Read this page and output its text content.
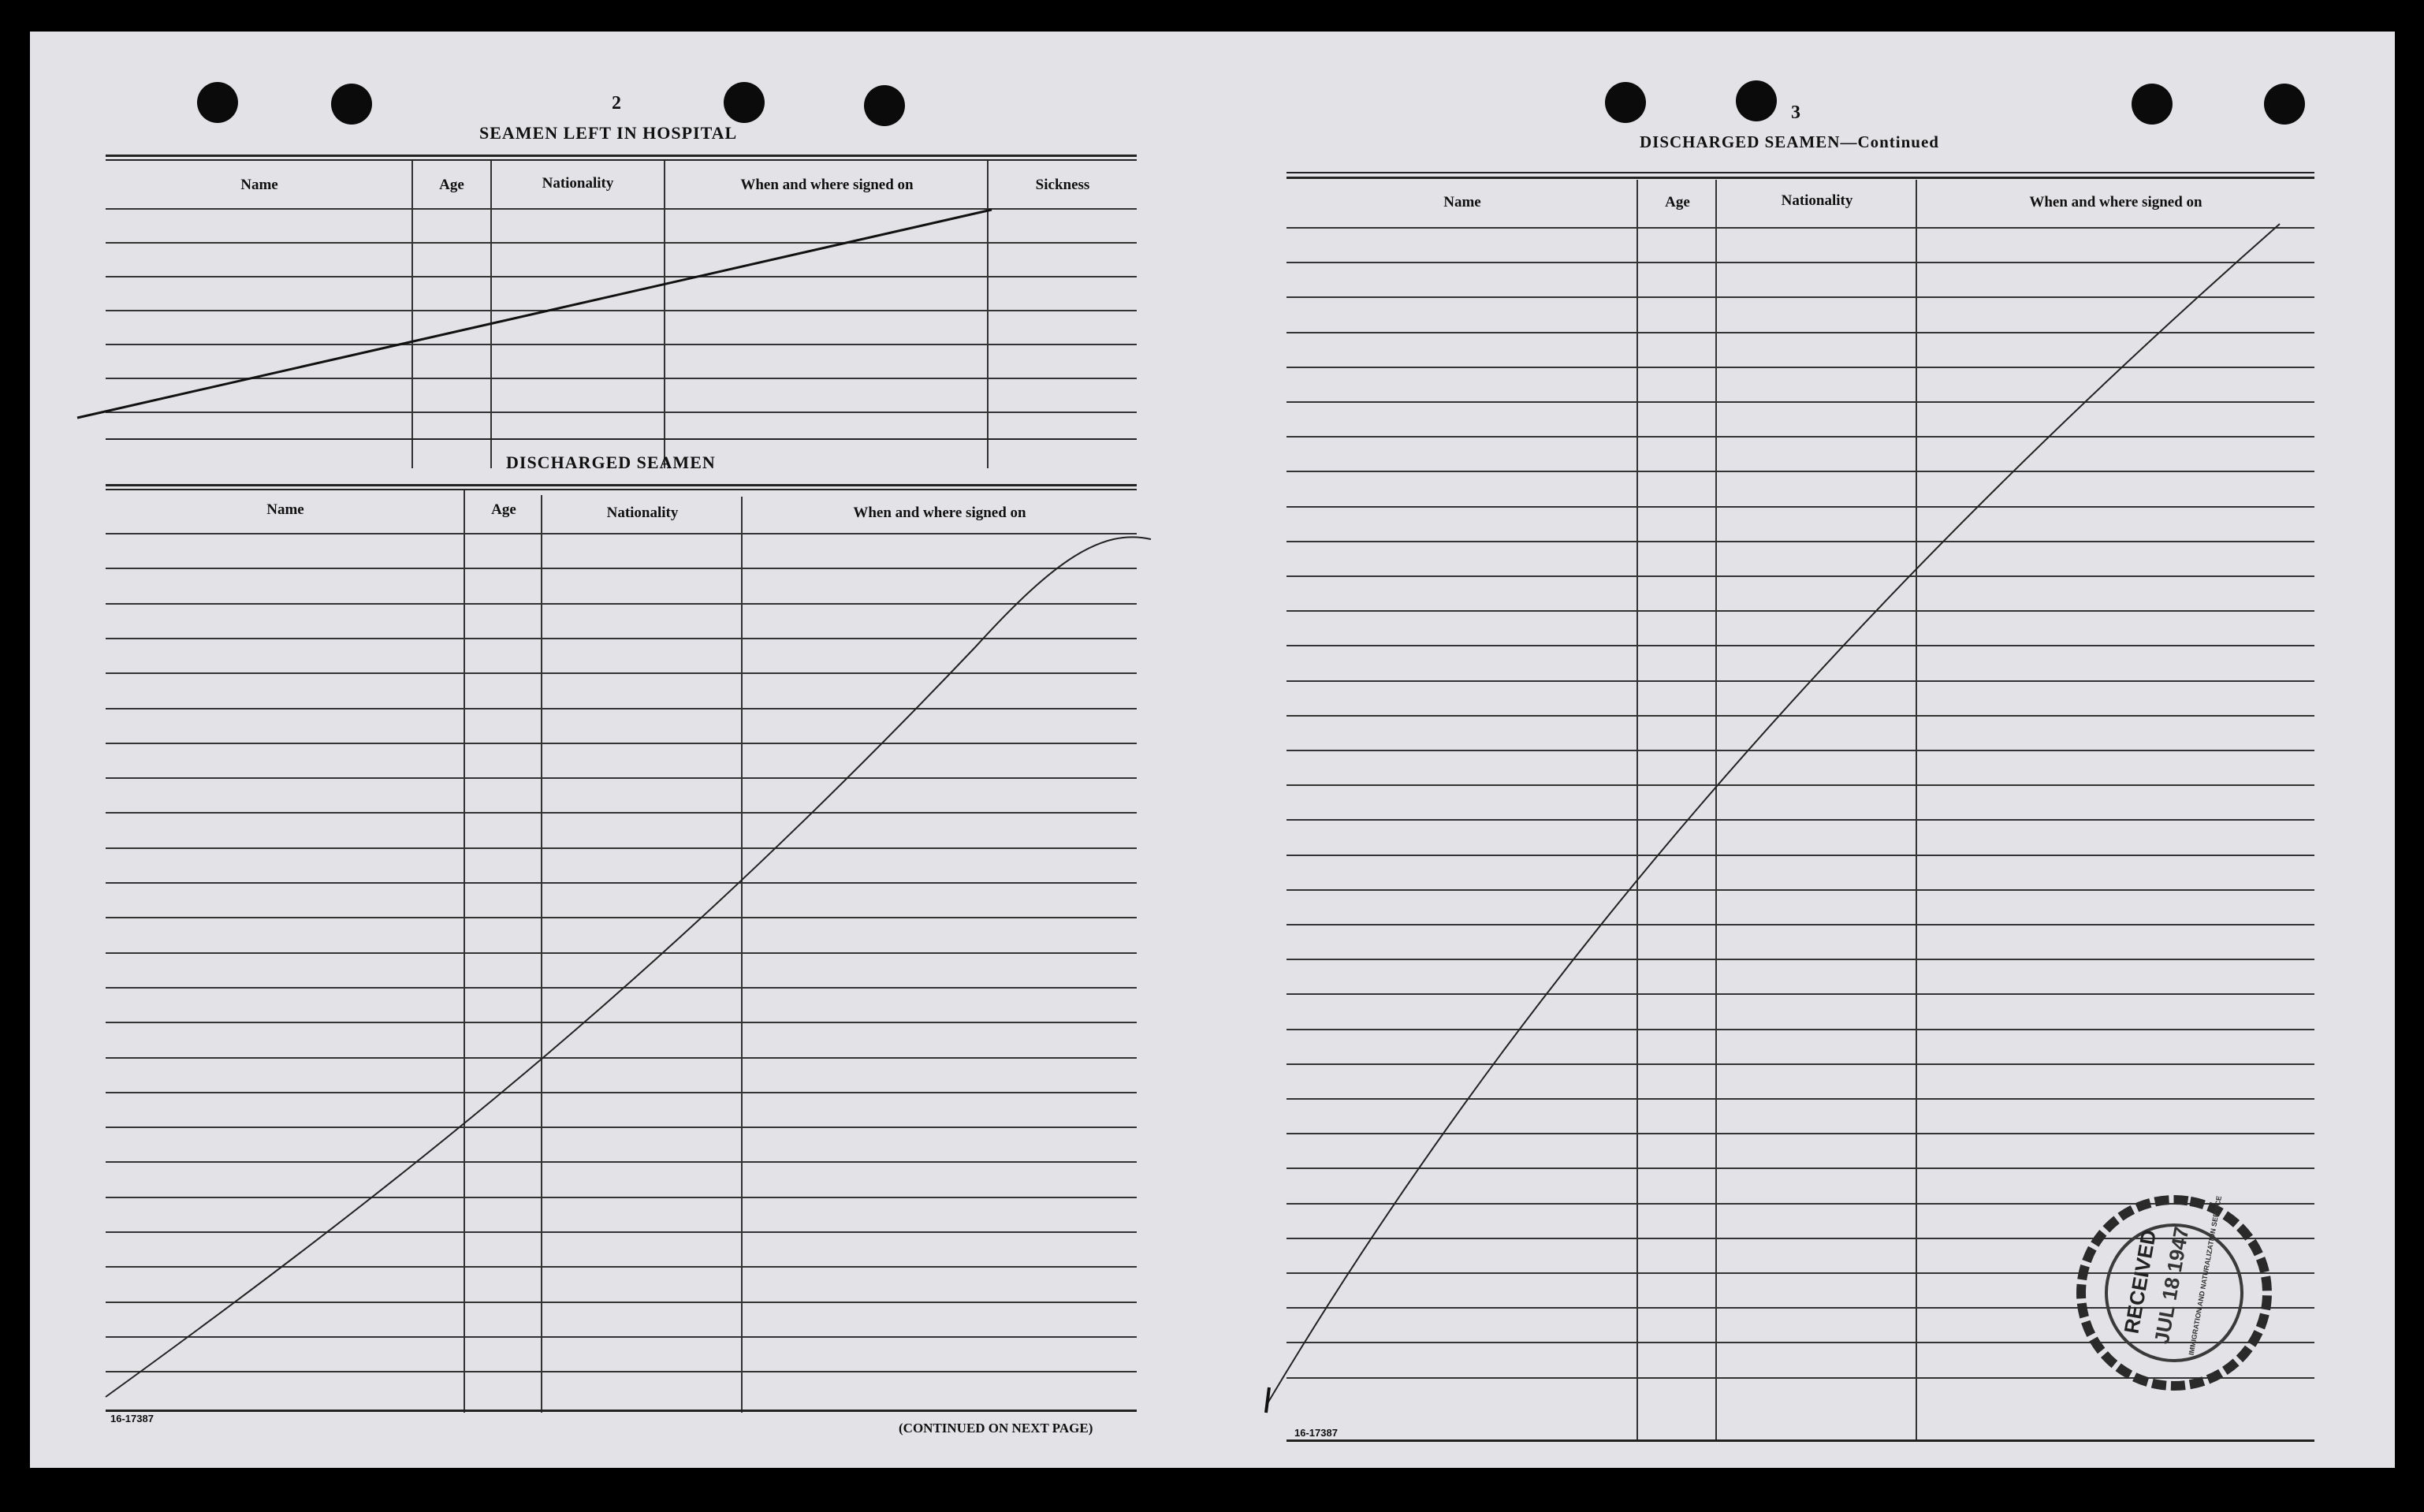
2
SEAMEN LEFT IN HOSPITAL
Name	Age	Nationality	When and where signed on	Sickness
DISCHARGED SEAMEN
Name	Age	Nationality	When and where signed on
16-17387
(CONTINUED ON NEXT PAGE)
3
DISCHARGED SEAMEN—Continued
Name	Age	Nationality	When and where signed on
16-17387
RECEIVED
JUL 18 1947
IMMIGRATION AND NATURALIZATION SERVICE
